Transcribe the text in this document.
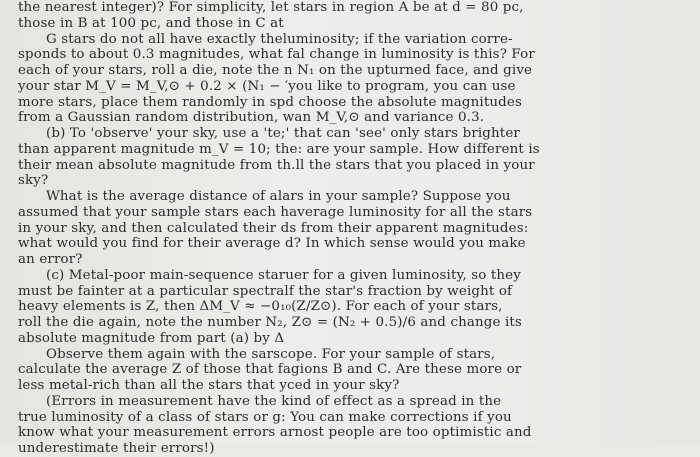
the nearest integer)? For simplicity, let stars in region A be at d = 80 pc,
those in B at 100 pc, and those in C at
G stars do not all have exactly theluminosity; if the variation corre-
sponds to about 0.3 magnitudes, what fal change in luminosity is this? For
each of your stars, roll a die, note the n N₁ on the upturned face, and give
your star M_V = M_V,⊙ + 0.2 × (N₁ − ′you like to program, you can use
more stars, place them randomly in spd choose the absolute magnitudes
from a Gaussian random distribution, wan M_V,⊙ and variance 0.3.
(b) To 'observe' your sky, use a 'te;' that can 'see' only stars brighter
than apparent magnitude m_V = 10; the: are your sample. How different is
their mean absolute magnitude from th.ll the stars that you placed in your
sky?
What is the average distance of alars in your sample? Suppose you
assumed that your sample stars each haverage luminosity for all the stars
in your sky, and then calculated their ds from their apparent magnitudes:
what would you find for their average d? In which sense would you make
an error?
(c) Metal-poor main-sequence staruer for a given luminosity, so they
must be fainter at a particular spectralf the star's fraction by weight of
heavy elements is Z, then ΔM_V ≈ −0₁₀(Z/Z⊙). For each of your stars,
roll the die again, note the number N₂, Z⊙ = (N₂ + 0.5)/6 and change its
absolute magnitude from part (a) by Δ
Observe them again with the sarscope. For your sample of stars,
calculate the average Z of those that fagions B and C. Are these more or
less metal-rich than all the stars that yced in your sky?
(Errors in measurement have the kind of effect as a spread in the
true luminosity of a class of stars or g: You can make corrections if you
know what your measurement errors arnost people are too optimistic and
underestimate their errors!)
